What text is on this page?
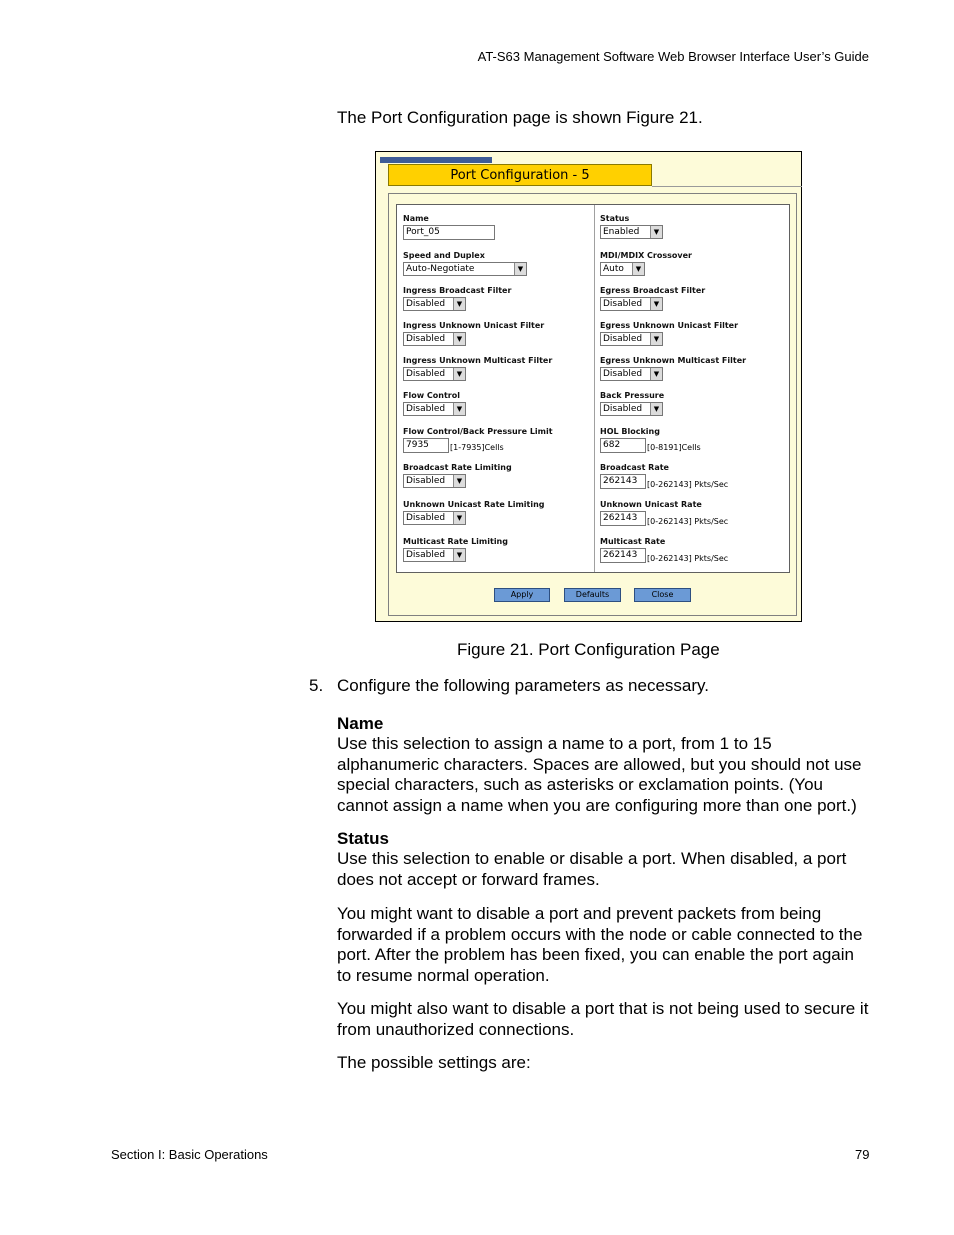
AT-S63 Management Software Web Browser Interface User’s Guide
The Port Configuration page is shown Figure 21.
Port Configuration - 5
Name
Port_05
Speed and Duplex
Auto-Negotiate	▼
Ingress Broadcast Filter
Disabled	▼
Ingress Unknown Unicast Filter
Disabled	▼
Ingress Unknown Multicast Filter
Disabled	▼
Flow Control
Disabled	▼
Flow Control/Back Pressure Limit
7935	[1-7935]Cells
Broadcast Rate Limiting
Disabled	▼
Unknown Unicast Rate Limiting
Disabled	▼
Multicast Rate Limiting
Disabled	▼
Status
Enabled	▼
MDI/MDIX Crossover
Auto	▼
Egress Broadcast Filter
Disabled	▼
Egress Unknown Unicast Filter
Disabled	▼
Egress Unknown Multicast Filter
Disabled	▼
Back Pressure
Disabled	▼
HOL Blocking
682	[0-8191]Cells
Broadcast Rate
262143	[0-262143] Pkts/Sec
Unknown Unicast Rate
262143	[0-262143] Pkts/Sec
Multicast Rate
262143	[0-262143] Pkts/Sec
Apply	Defaults	Close
Figure 21. Port Configuration Page
5. Configure the following parameters as necessary.
Name
Use this selection to assign a name to a port, from 1 to 15 alphanumeric characters. Spaces are allowed, but you should not use special characters, such as asterisks or exclamation points. (You cannot assign a name when you are configuring more than one port.)
Status
Use this selection to enable or disable a port. When disabled, a port does not accept or forward frames.
You might want to disable a port and prevent packets from being forwarded if a problem occurs with the node or cable connected to the port. After the problem has been fixed, you can enable the port again to resume normal operation.
You might also want to disable a port that is not being used to secure it from unauthorized connections.
The possible settings are:
Section I: Basic Operations	79
